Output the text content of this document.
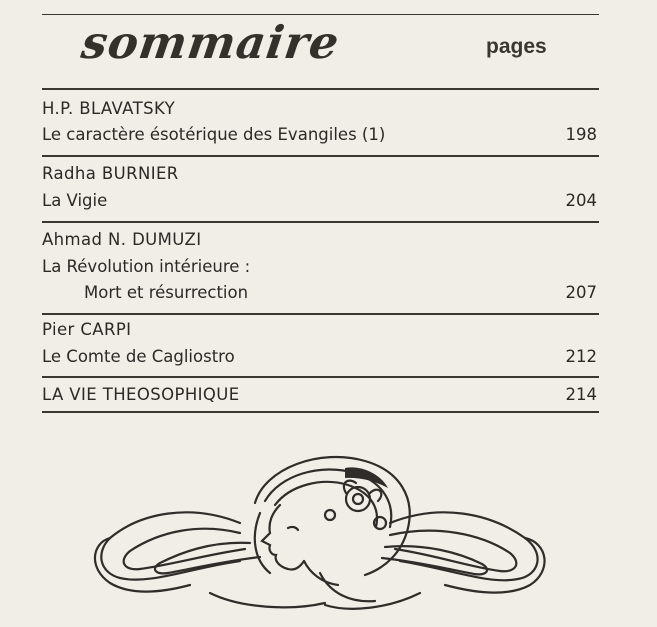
sommaire	pages
H.P. BLAVATSKY
Le caractère ésotérique des Evangiles (1)	198
Radha BURNIER
La Vigie	204
Ahmad N. DUMUZI
La Révolution intérieure :
Mort et résurrection	207
Pier CARPI
Le Comte de Cagliostro	212
LA VIE THEOSOPHIQUE	214
